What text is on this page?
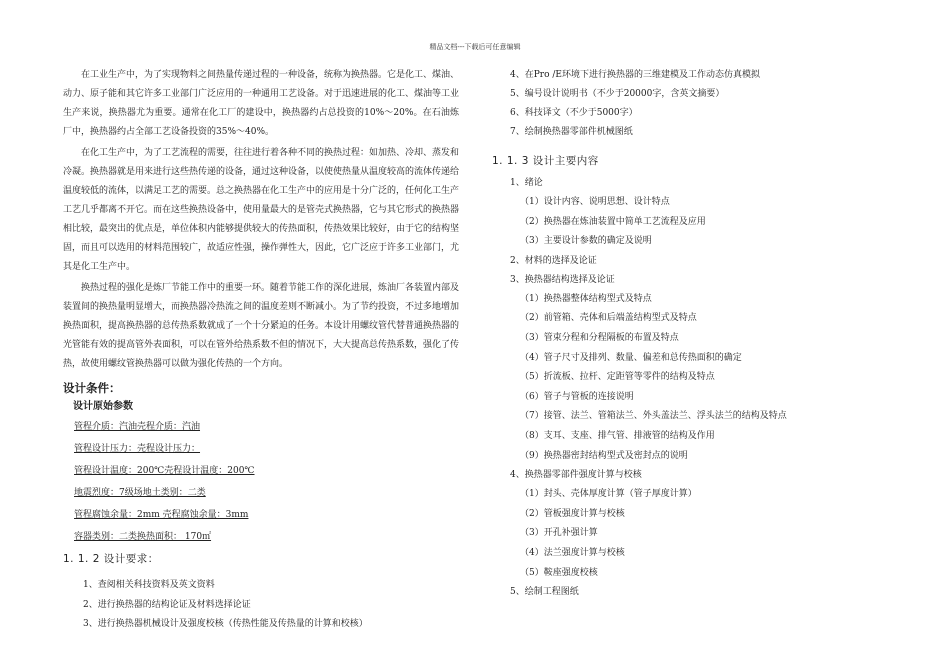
精品文档---下载后可任意编辑

在工业生产中，为了实现物料之间热量传递过程的一种设备，统称为换热器。它是化工、煤油、动力、原子能和其它许多工业部门广泛应用的一种通用工艺设备。对于迅速进展的化工、煤油等工业生产来说，换热器尤为重要。通常在化工厂的建设中，换热器约占总投资的10%～20%。在石油炼厂中，换热器约占全部工艺设备投资的35%～40%。

在化工生产中，为了工艺流程的需要，往往进行着各种不同的换热过程：如加热、冷却、蒸发和冷凝。换热器就是用来进行这些热传递的设备，通过这种设备，以使使热量从温度较高的流体传递给温度较低的流体，以满足工艺的需要。总之换热器在化工生产中的应用是十分广泛的，任何化工生产工艺几乎都离不开它。而在这些换热设备中，使用量最大的是管壳式换热器，它与其它形式的换热器相比较，最突出的优点是，单位体积内能够提供较大的传热面积，传热效果比较好，由于它的结构坚固，而且可以选用的材料范围较广，故适应性强，操作弹性大，因此，它广泛应于许多工业部门，尤其是化工生产中。

换热过程的强化是炼厂节能工作中的重要一环。随着节能工作的深化进展，炼油厂各装置内部及装置间的换热量明显增大，而换热器冷热流之间的温度差则不断减小。为了节约投资，不过多地增加换热面积，提高换热器的总传热系数就成了一个十分紧迫的任务。本设计用螺纹管代替普通换热器的光管能有效的提高管外表面积，可以在管外给热系数不但的情况下，大大提高总传热系数，强化了传热，故使用螺纹管换热器可以做为强化传热的一个方向。

设计条件：
设计原始参数
管程介质：汽油壳程介质：汽油
管程设计压力：壳程设计压力：
管程设计温度：200℃壳程设计温度：200℃
地震烈度：7级场地土类别：二类
管程腐蚀余量：2mm 壳程腐蚀余量：3mm
容器类别：二类换热面积： 170㎡
1. 1. 2 设计要求：
1、查阅相关科技资料及英文资料
2、进行换热器的结构论证及材料选择论证
3、进行换热器机械设计及强度校核（传热性能及传热量的计算和校核）
4、在Pro /E环境下进行换热器的三维建模及工作动态仿真模拟
5、编号设计说明书（不少于20000字，含英文摘要）
6、科技译文（不少于5000字）
7、绘制换热器零部件机械图纸
1. 1. 3 设计主要内容
1、绪论
（1）设计内容、说明思想、设计特点
（2）换热器在炼油装置中简单工艺流程及应用
（3）主要设计参数的确定及说明
2、材料的选择及论证
3、换热器结构选择及论证
（1）换热器整体结构型式及特点
（2）前管箱、壳体和后端盖结构型式及特点
（3）管束分程和分程隔板的布置及特点
（4）管子尺寸及排列、数量、偏差和总传热面积的确定
（5）折流板、拉杆、定距管等零件的结构及特点
（6）管子与管板的连接说明
（7）接管、法兰、管箱法兰、外头盖法兰、浮头法兰的结构及特点
（8）支耳、支座、排气管、排液管的结构及作用
（9）换热器密封结构型式及密封点的说明
4、换热器零部件强度计算与校核
（1）封头、壳体厚度计算（管子厚度计算）
（2）管板强度计算与校核
（3）开孔补强计算
（4）法兰强度计算与校核
（5）鞍座强度校核
5、绘制工程图纸
